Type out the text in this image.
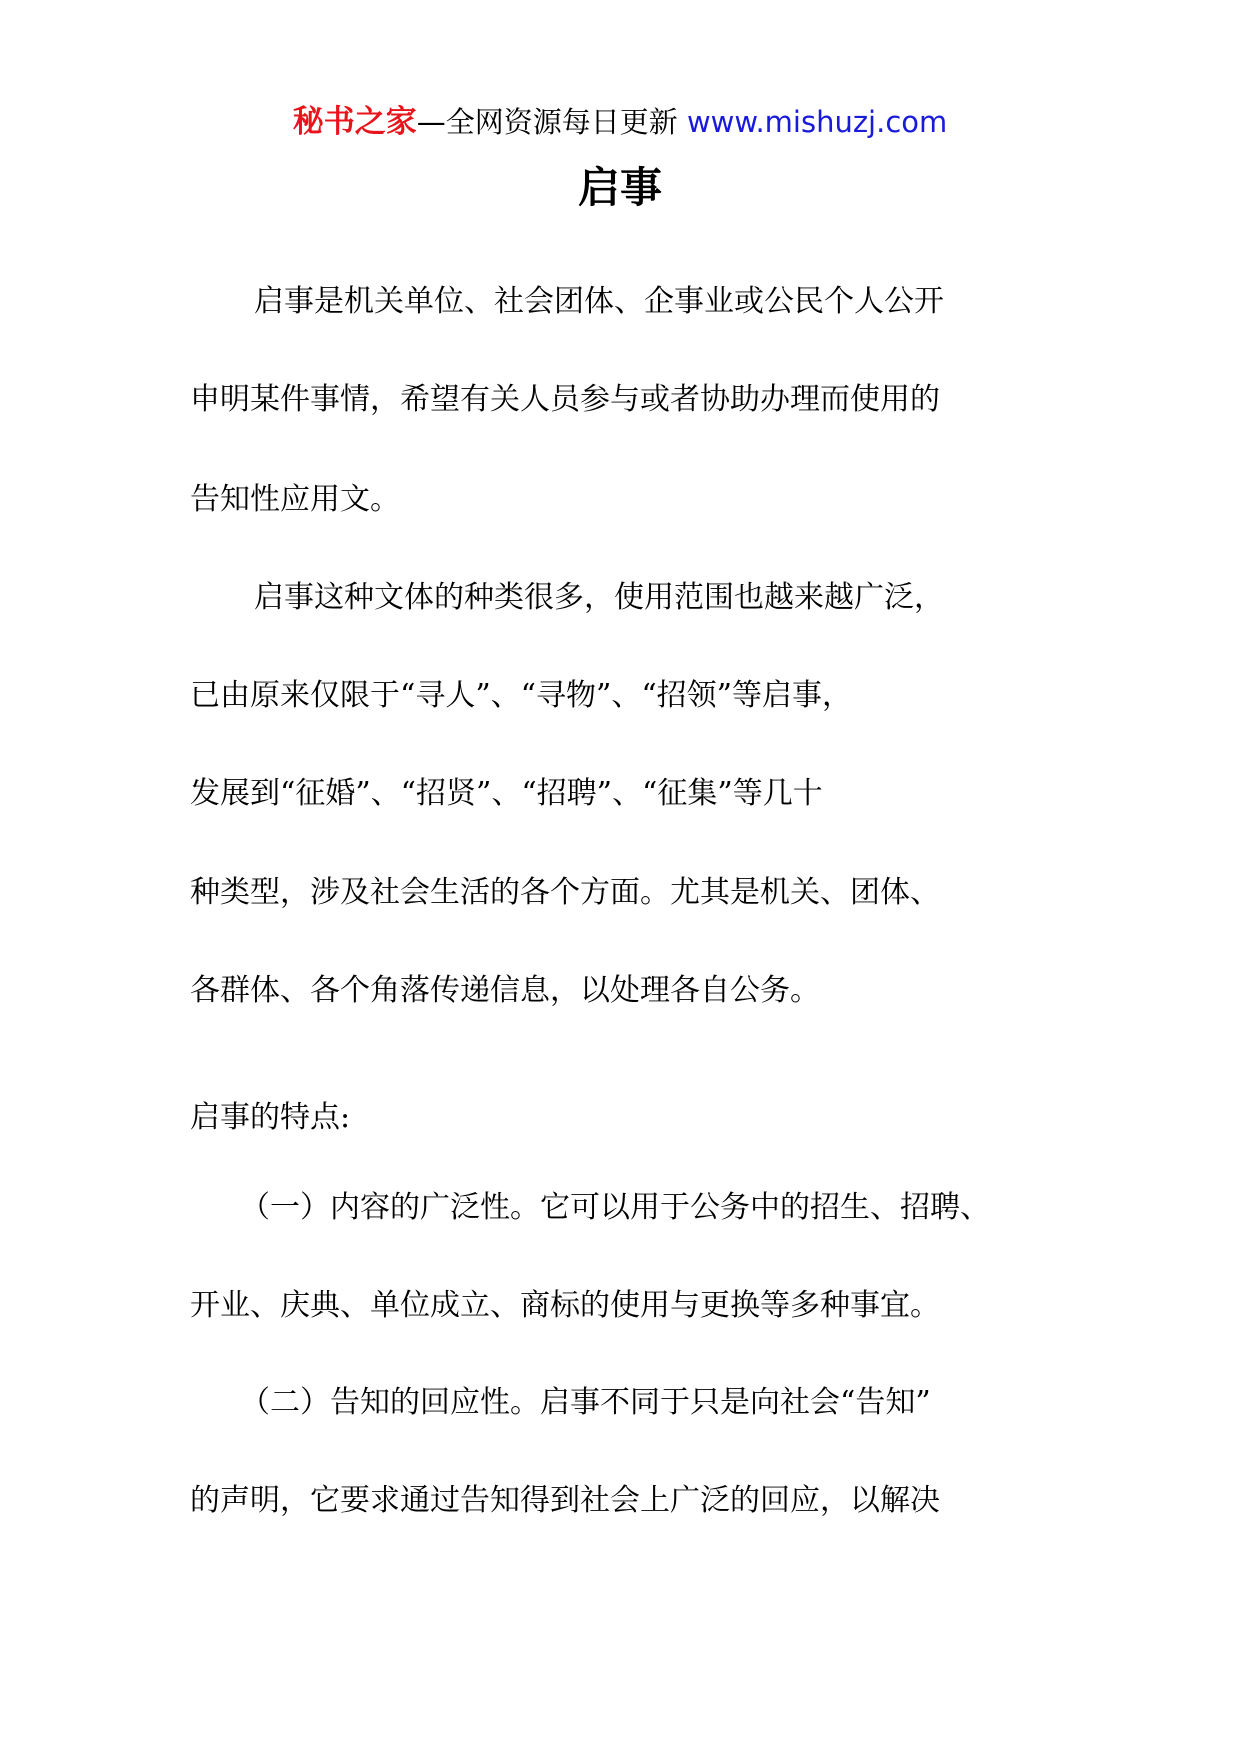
秘书之家—全网资源每日更新 www.mishuzj.com
启事
启事是机关单位、社会团体、企事业或公民个人公开
申明某件事情，希望有关人员参与或者协助办理而使用的
告知性应用文。
启事这种文体的种类很多，使用范围也越来越广泛，
已由原来仅限于“寻人”、“寻物”、“招领”等启事，
发展到“征婚”、“招贤”、“招聘”、“征集”等几十
种类型，涉及社会生活的各个方面。尤其是机关、团体、
各群体、各个角落传递信息，以处理各自公务。
启事的特点:
（一）内容的广泛性。它可以用于公务中的招生、招聘、
开业、庆典、单位成立、商标的使用与更换等多种事宜。
（二）告知的回应性。启事不同于只是向社会“告知”
的声明，它要求通过告知得到社会上广泛的回应，以解决
